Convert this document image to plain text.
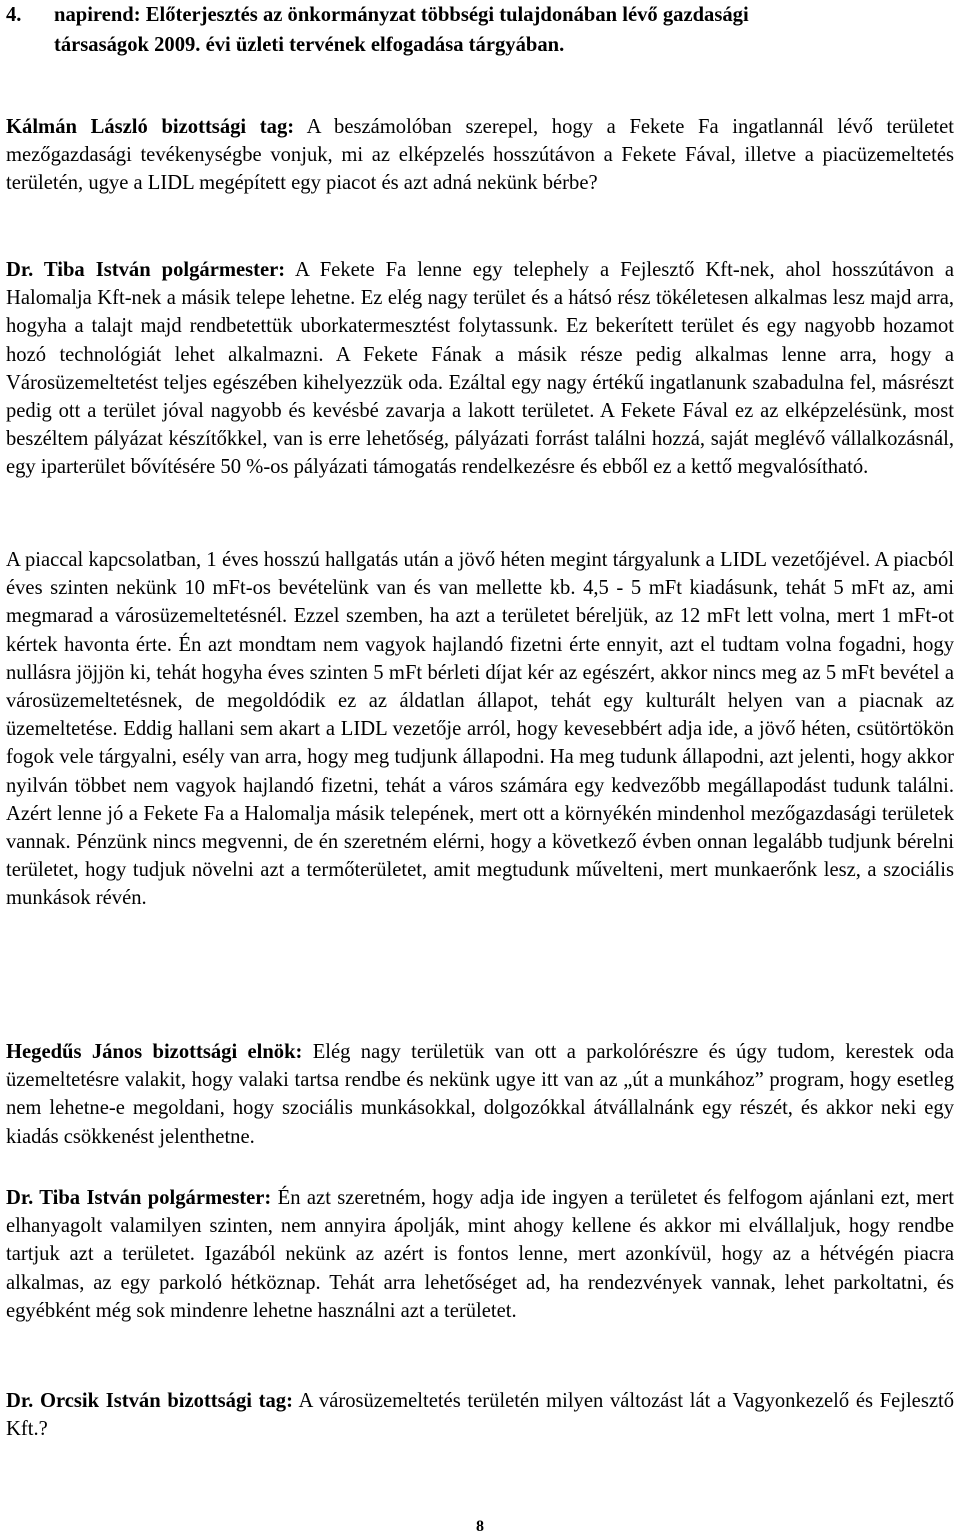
4. napirend: Előterjesztés az önkormányzat többségi tulajdonában lévő gazdasági
társaságok 2009. évi üzleti tervének elfogadása tárgyában.

Kálmán László bizottsági tag: A beszámolóban szerepel, hogy a Fekete Fa ingatlannál lévő területet mezőgazdasági tevékenységbe vonjuk, mi az elképzelés hosszútávon a Fekete Fával, illetve a piacüzemeltetés területén, ugye a LIDL megépített egy piacot és azt adná nekünk bérbe?

Dr. Tiba István polgármester: A Fekete Fa lenne egy telephely a Fejlesztő Kft-nek, ahol hosszútávon a Halomalja Kft-nek a másik telepe lehetne. Ez elég nagy terület és a hátsó rész tökéletesen alkalmas lesz majd arra, hogyha a talajt majd rendbetettük uborkatermesztést folytassunk. Ez bekerített terület és egy nagyobb hozamot hozó technológiát lehet alkalmazni. A Fekete Fának a másik része pedig alkalmas lenne arra, hogy a Városüzemeltetést teljes egészében kihelyezzük oda. Ezáltal egy nagy értékű ingatlanunk szabadulna fel, másrészt pedig ott a terület jóval nagyobb és kevésbé zavarja a lakott területet. A Fekete Fával ez az elképzelésünk, most beszéltem pályázat készítőkkel, van is erre lehetőség, pályázati forrást találni hozzá, saját meglévő vállalkozásnál, egy iparterület bővítésére 50 %-os pályázati támogatás rendelkezésre és ebből ez a kettő megvalósítható.

A piaccal kapcsolatban, 1 éves hosszú hallgatás után a jövő héten megint tárgyalunk a LIDL vezetőjével. A piacból éves szinten nekünk 10 mFt-os bevételünk van és van mellette kb. 4,5 - 5 mFt kiadásunk, tehát 5 mFt az, ami megmarad a városüzemeltetésnél. Ezzel szemben, ha azt a területet béreljük, az 12 mFt lett volna, mert 1 mFt-ot kértek havonta érte. Én azt mondtam nem vagyok hajlandó fizetni érte ennyit, azt el tudtam volna fogadni, hogy nullásra jöjjön ki, tehát hogyha éves szinten 5 mFt bérleti díjat kér az egészért, akkor nincs meg az 5 mFt bevétel a városüzemeltetésnek, de megoldódik ez az áldatlan állapot, tehát egy kulturált helyen van a piacnak az üzemeltetése. Eddig hallani sem akart a LIDL vezetője arról, hogy kevesebbért adja ide, a jövő héten, csütörtökön fogok vele tárgyalni, esély van arra, hogy meg tudjunk állapodni. Ha meg tudunk állapodni, azt jelenti, hogy akkor nyilván többet nem vagyok hajlandó fizetni, tehát a város számára egy kedvezőbb megállapodást tudunk találni. Azért lenne jó a Fekete Fa a Halomalja másik telepének, mert ott a környékén mindenhol mezőgazdasági területek vannak. Pénzünk nincs megvenni, de én szeretném elérni, hogy a következő évben onnan legalább tudjunk bérelni területet, hogy tudjuk növelni azt a termőterületet, amit megtudunk művelteni, mert munkaerőnk lesz, a szociális munkások révén.

Hegedűs János bizottsági elnök: Elég nagy területük van ott a parkolórészre és úgy tudom, kerestek oda üzemeltetésre valakit, hogy valaki tartsa rendbe és nekünk ugye itt van az „út a munkához” program, hogy esetleg nem lehetne-e megoldani, hogy szociális munkásokkal, dolgozókkal átvállalnánk egy részét, és akkor neki egy kiadás csökkenést jelenthetne.

Dr. Tiba István polgármester: Én azt szeretném, hogy adja ide ingyen a területet és felfogom ajánlani ezt, mert elhanyagolt valamilyen szinten, nem annyira ápolják, mint ahogy kellene és akkor mi elvállaljuk, hogy rendbe tartjuk azt a területet. Igazából nekünk az azért is fontos lenne, mert azonkívül, hogy az a hétvégén piacra alkalmas, az egy parkoló hétköznap. Tehát arra lehetőséget ad, ha rendezvények vannak, lehet parkoltatni, és egyébként még sok mindenre lehetne használni azt a területet.

Dr. Orcsik István bizottsági tag: A városüzemeltetés területén milyen változást lát a Vagyonkezelő és Fejlesztő Kft.?

8
